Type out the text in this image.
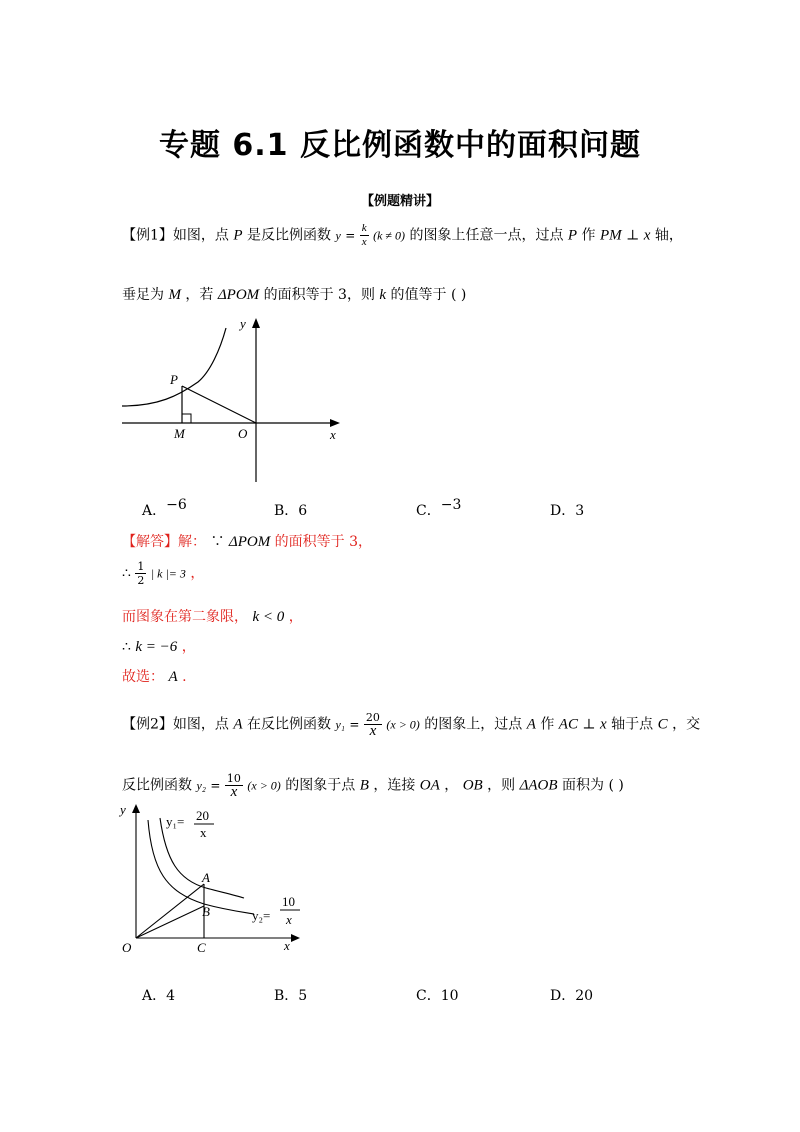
专题 6.1 反比例函数中的面积问题
【例题精讲】
【例1】如图，点 P 是反比例函数 $y = \frac{k}{x} (k \ne 0)$ 的图象上任意一点，过点 P 作 PM ⊥ x 轴，
垂足为 M ，若 ΔPOM 的面积等于 3，则 k 的值等于 ( )
P
M	O	x
y
A．−6	B．6	C．−3	D．3
【解答】解： ∵ ΔPOM 的面积等于 3，
∴ $\frac{1}{2}$ | k |= 3 ，
而图象在第二象限， k < 0 ，
∴ k = −6 ，
故选： A .
【例2】如图，点 A 在反比例函数 $y_1 = \frac{20}{x} (x > 0)$ 的图象上，过点 A 作 AC ⊥ x 轴于点 C ，交
反比例函数 $y_2 = \frac{10}{x} (x > 0)$ 的图象于点 B ，连接 OA ， OB ，则 ΔAOB 面积为 ( )
y
x
O	C
A
B
y₁= 20
x
y₂=
10
x
A．4	B．5	C．10	D．20
